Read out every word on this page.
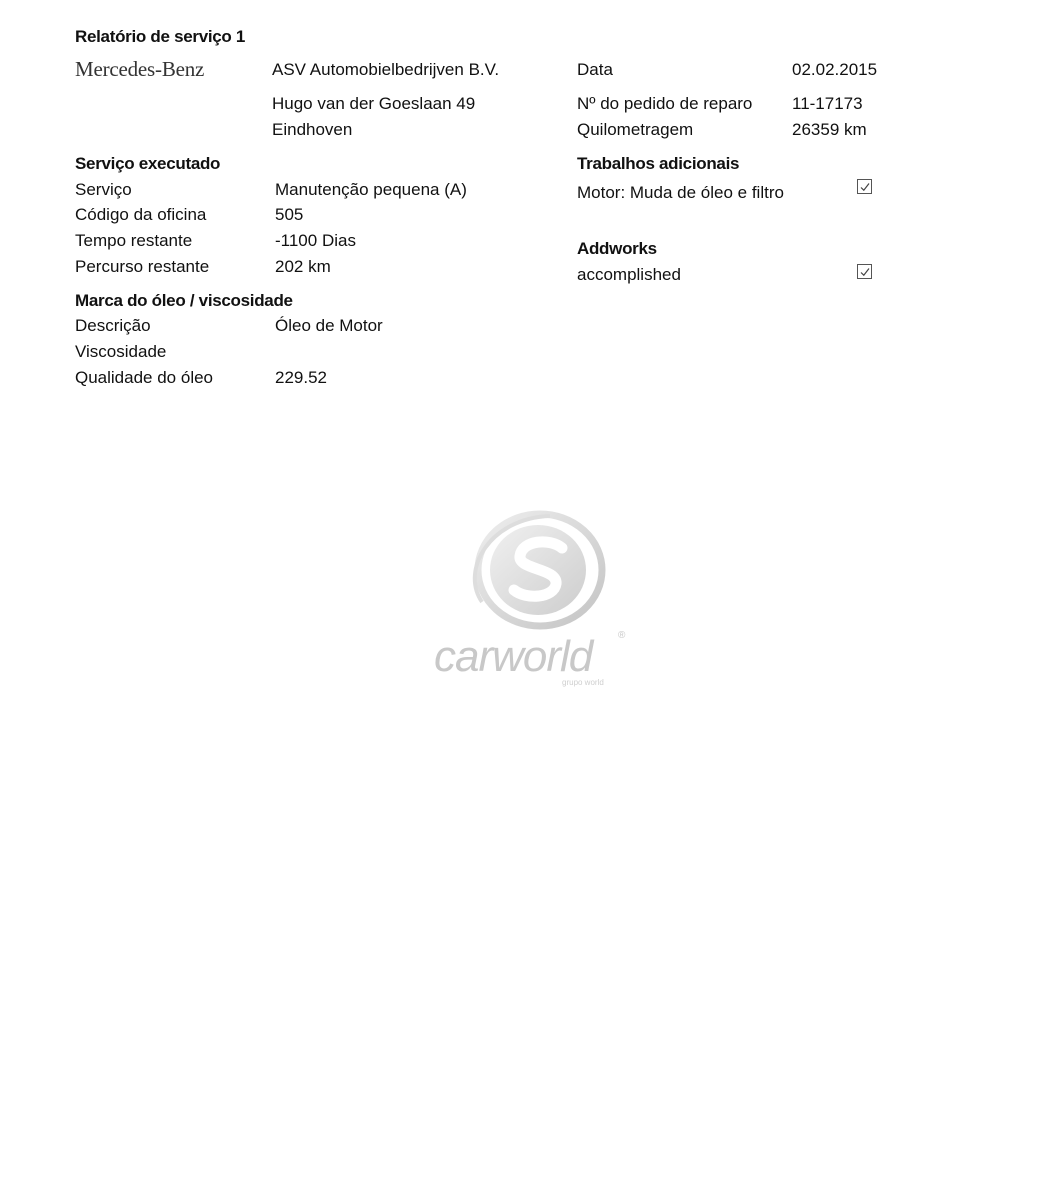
Relatório de serviço 1
Mercedes-Benz	ASV Automobielbedrijven B.V.
Hugo van der Goeslaan 49
Eindhoven
Data	02.02.2015
Nº do pedido de reparo 11-17173
Quilometragem	26359 km
Serviço executado
Serviço	Manutenção pequena (A)
Código da oficina	505
Tempo restante	-1100 Dias
Percurso restante	202 km
Marca do óleo / viscosidade
Descrição	Óleo de Motor
Viscosidade
Qualidade do óleo	229.52
Trabalhos adicionais
Motor: Muda de óleo e filtro
Addworks
accomplished
carworld	®
grupo world
